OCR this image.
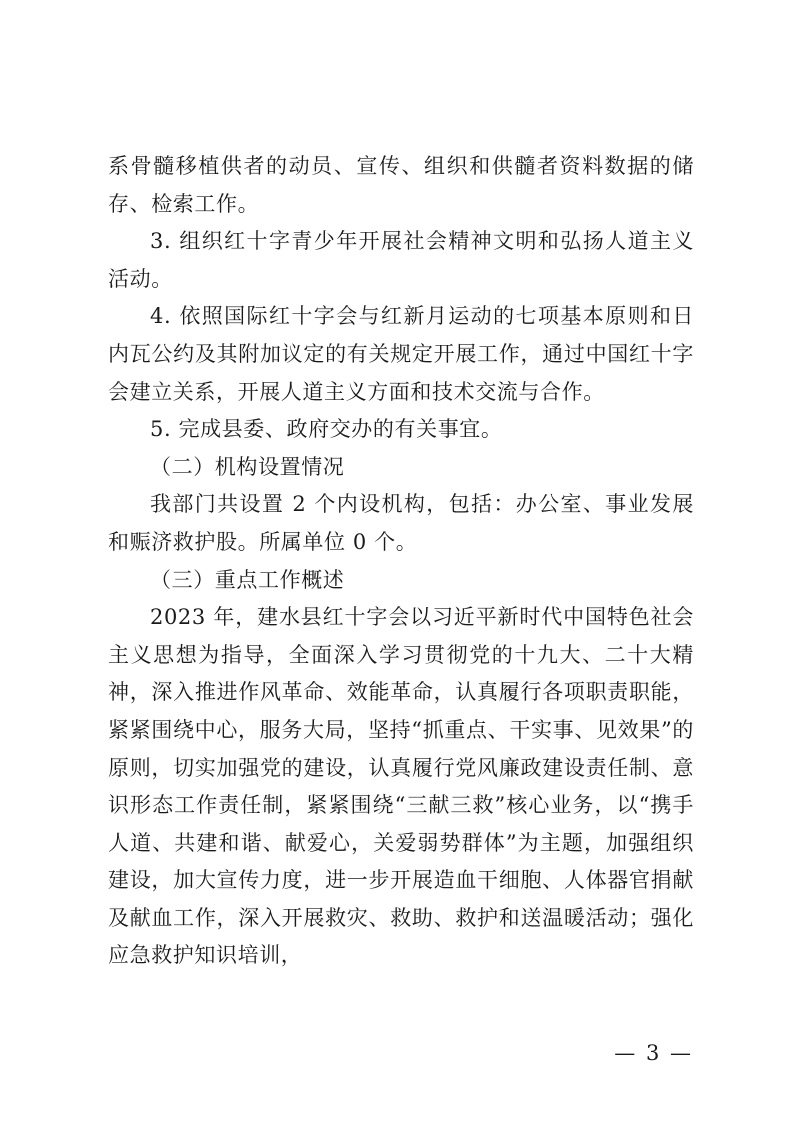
系骨髓移植供者的动员、宣传、组织和供髓者资料数据的储存、检索工作。

3. 组织红十字青少年开展社会精神文明和弘扬人道主义活动。

4. 依照国际红十字会与红新月运动的七项基本原则和日内瓦公约及其附加议定的有关规定开展工作，通过中国红十字会建立关系，开展人道主义方面和技术交流与合作。

5. 完成县委、政府交办的有关事宜。

（二）机构设置情况

我部门共设置 2 个内设机构，包括：办公室、事业发展和赈济救护股。所属单位 0 个。

（三）重点工作概述

2023 年，建水县红十字会以习近平新时代中国特色社会主义思想为指导，全面深入学习贯彻党的十九大、二十大精神，深入推进作风革命、效能革命，认真履行各项职责职能，紧紧围绕中心，服务大局，坚持“抓重点、干实事、见效果”的原则，切实加强党的建设，认真履行党风廉政建设责任制、意识形态工作责任制，紧紧围绕“三献三救”核心业务，以“携手人道、共建和谐、献爱心，关爱弱势群体”为主题，加强组织建设，加大宣传力度，进一步开展造血干细胞、人体器官捐献及献血工作，深入开展救灾、救助、救护和送温暖活动；强化应急救护知识培训，

— 3 —
